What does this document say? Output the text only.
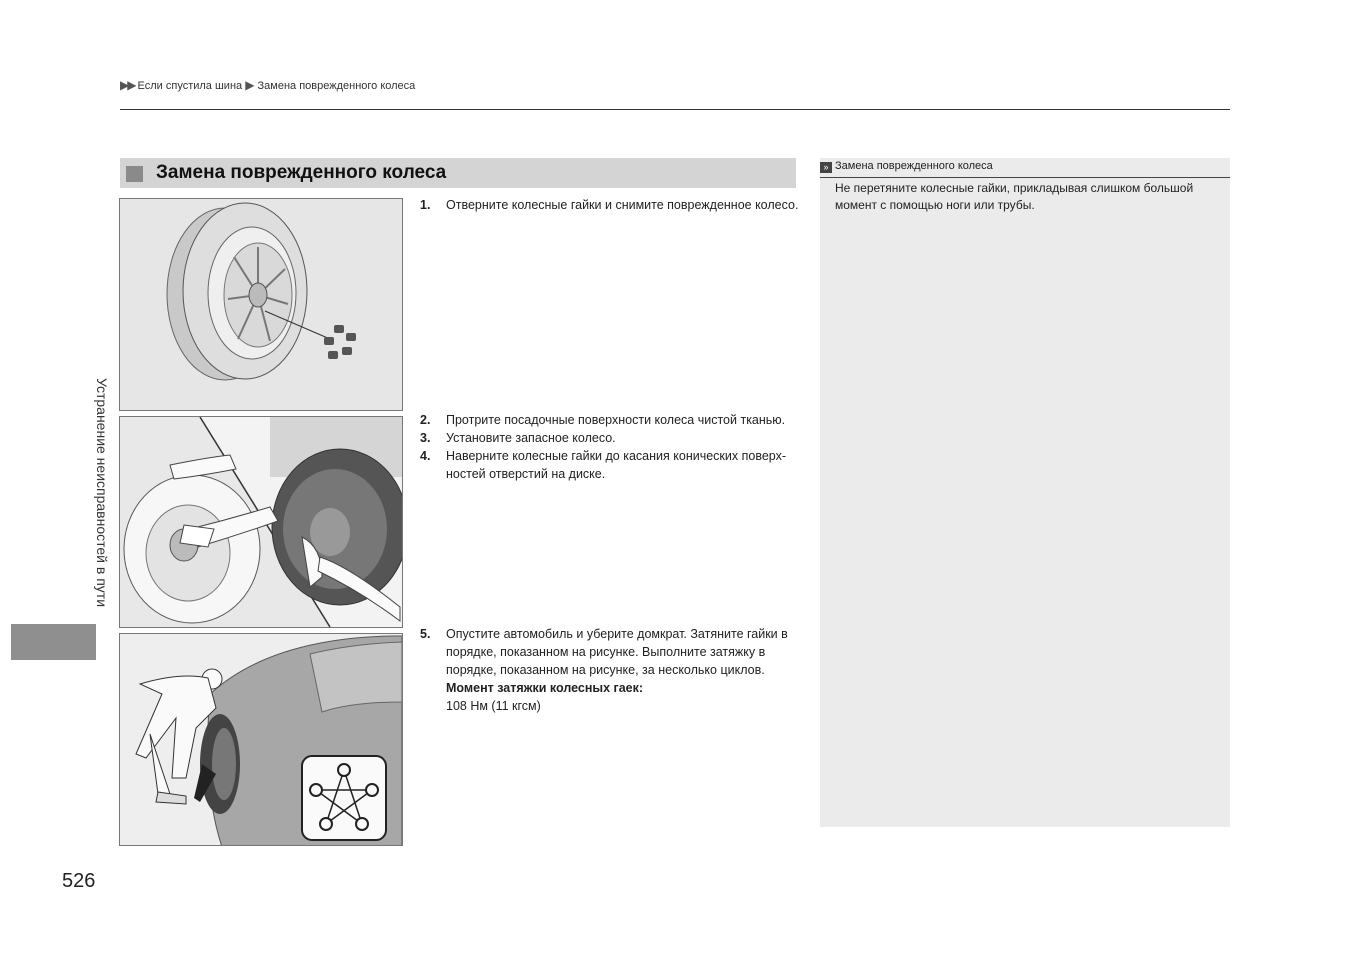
▶▶ Если спустила шина ▶ Замена поврежденного колеса
Устранение неисправностей в пути
526
Замена поврежденного колеса
1.	Отверните колесные гайки и снимите поврежденное колесо.
2.	Протрите посадочные поверхности колеса чистой тканью.
3.	Установите запасное колесо.
4.	Наверните колесные гайки до касания конических поверх-ностей отверстий на диске.
5.	Опустите автомобиль и уберите домкрат. Затяните гайки в порядке, показанном на рисунке. Выполните затяжку в порядке, показанном на рисунке, за несколько циклов.
Момент затяжки колесных гаек:
108 Нм (11 кгсм)
» Замена поврежденного колеса
Не перетяните колесные гайки, прикладывая слишком большой момент с помощью ноги или трубы.
